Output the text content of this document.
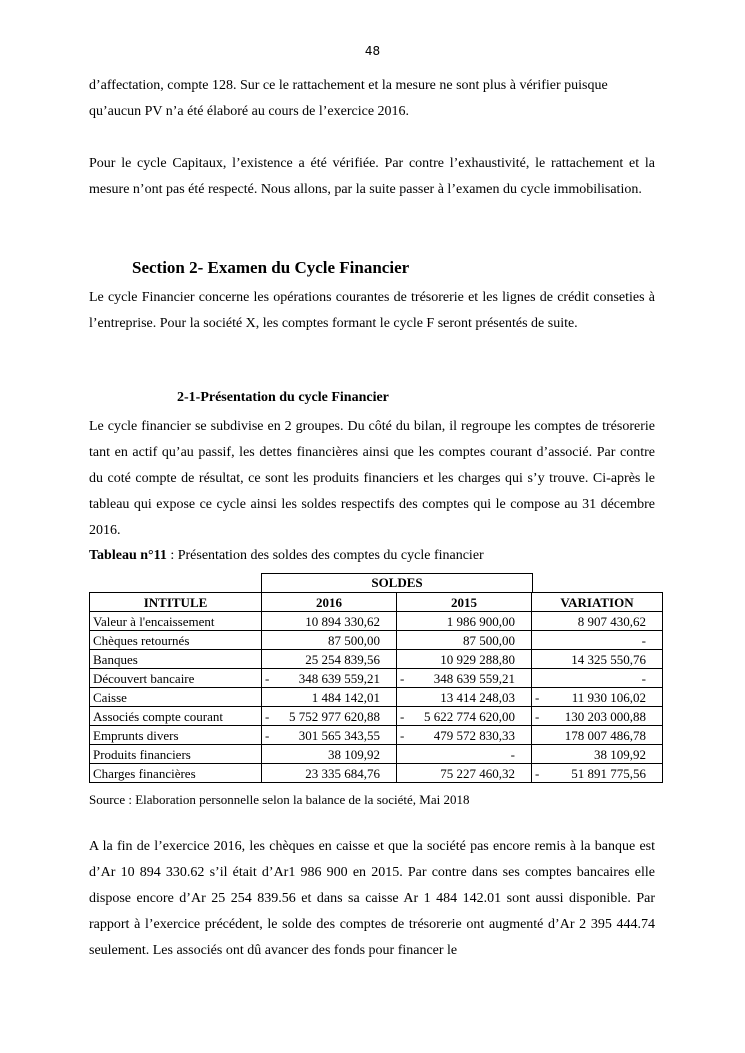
48

d’affectation, compte 128. Sur ce le rattachement et la mesure ne sont plus à vérifier puisque
qu’aucun PV n’a été élaboré au cours de l’exercice 2016.

Pour le cycle Capitaux, l’existence a été vérifiée. Par contre l’exhaustivité, le rattachement et la mesure n’ont pas été respecté. Nous allons, par la suite passer à l’examen du cycle immobilisation.

Section 2- Examen du Cycle Financier

Le cycle Financier concerne les opérations courantes de trésorerie et les lignes de crédit conseties à l’entreprise. Pour la société X, les comptes formant le cycle F seront présentés de suite.

2-1-Présentation du cycle Financier

Le cycle financier se subdivise en 2 groupes. Du côté du bilan, il regroupe les comptes de trésorerie tant en actif qu’au passif, les dettes financières ainsi que les comptes courant d’associé. Par contre du coté compte de résultat, ce sont les produits financiers et les charges qui s’y trouve. Ci-après le tableau qui expose ce cycle ainsi les soldes respectifs des comptes qui le compose au 31 décembre 2016.

Tableau n°11 : Présentation des soldes des comptes du cycle financier
SOLDES
INTITULE	2016	2015	VARIATION
Valeur à l'encaissement	10 894 330,62	1 986 900,00	8 907 430,62
Chèques retournés	87 500,00	87 500,00	-
Banques	25 254 839,56	10 929 288,80	14 325 550,76
Découvert bancaire	- 348 639 559,21	- 348 639 559,21	-
Caisse	1 484 142,01	13 414 248,03	- 11 930 106,02
Associés compte courant	- 5 752 977 620,88	- 5 622 774 620,00	- 130 203 000,88
Emprunts divers	- 301 565 343,55	- 479 572 830,33	178 007 486,78
Produits financiers	38 109,92	-	38 109,92
Charges financières	23 335 684,76	75 227 460,32	- 51 891 775,56
Source : Elaboration personnelle selon la balance de la société, Mai 2018

A la fin de l’exercice 2016, les chèques en caisse et que la société pas encore remis à la banque est d’Ar 10 894 330.62 s’il était d’Ar1 986 900 en 2015. Par contre dans ses comptes bancaires elle dispose encore d’Ar 25 254 839.56 et dans sa caisse Ar 1 484 142.01 sont aussi disponible. Par rapport à l’exercice précédent, le solde des comptes de trésorerie ont augmenté d’Ar 2 395 444.74 seulement. Les associés ont dû avancer des fonds pour financer le
